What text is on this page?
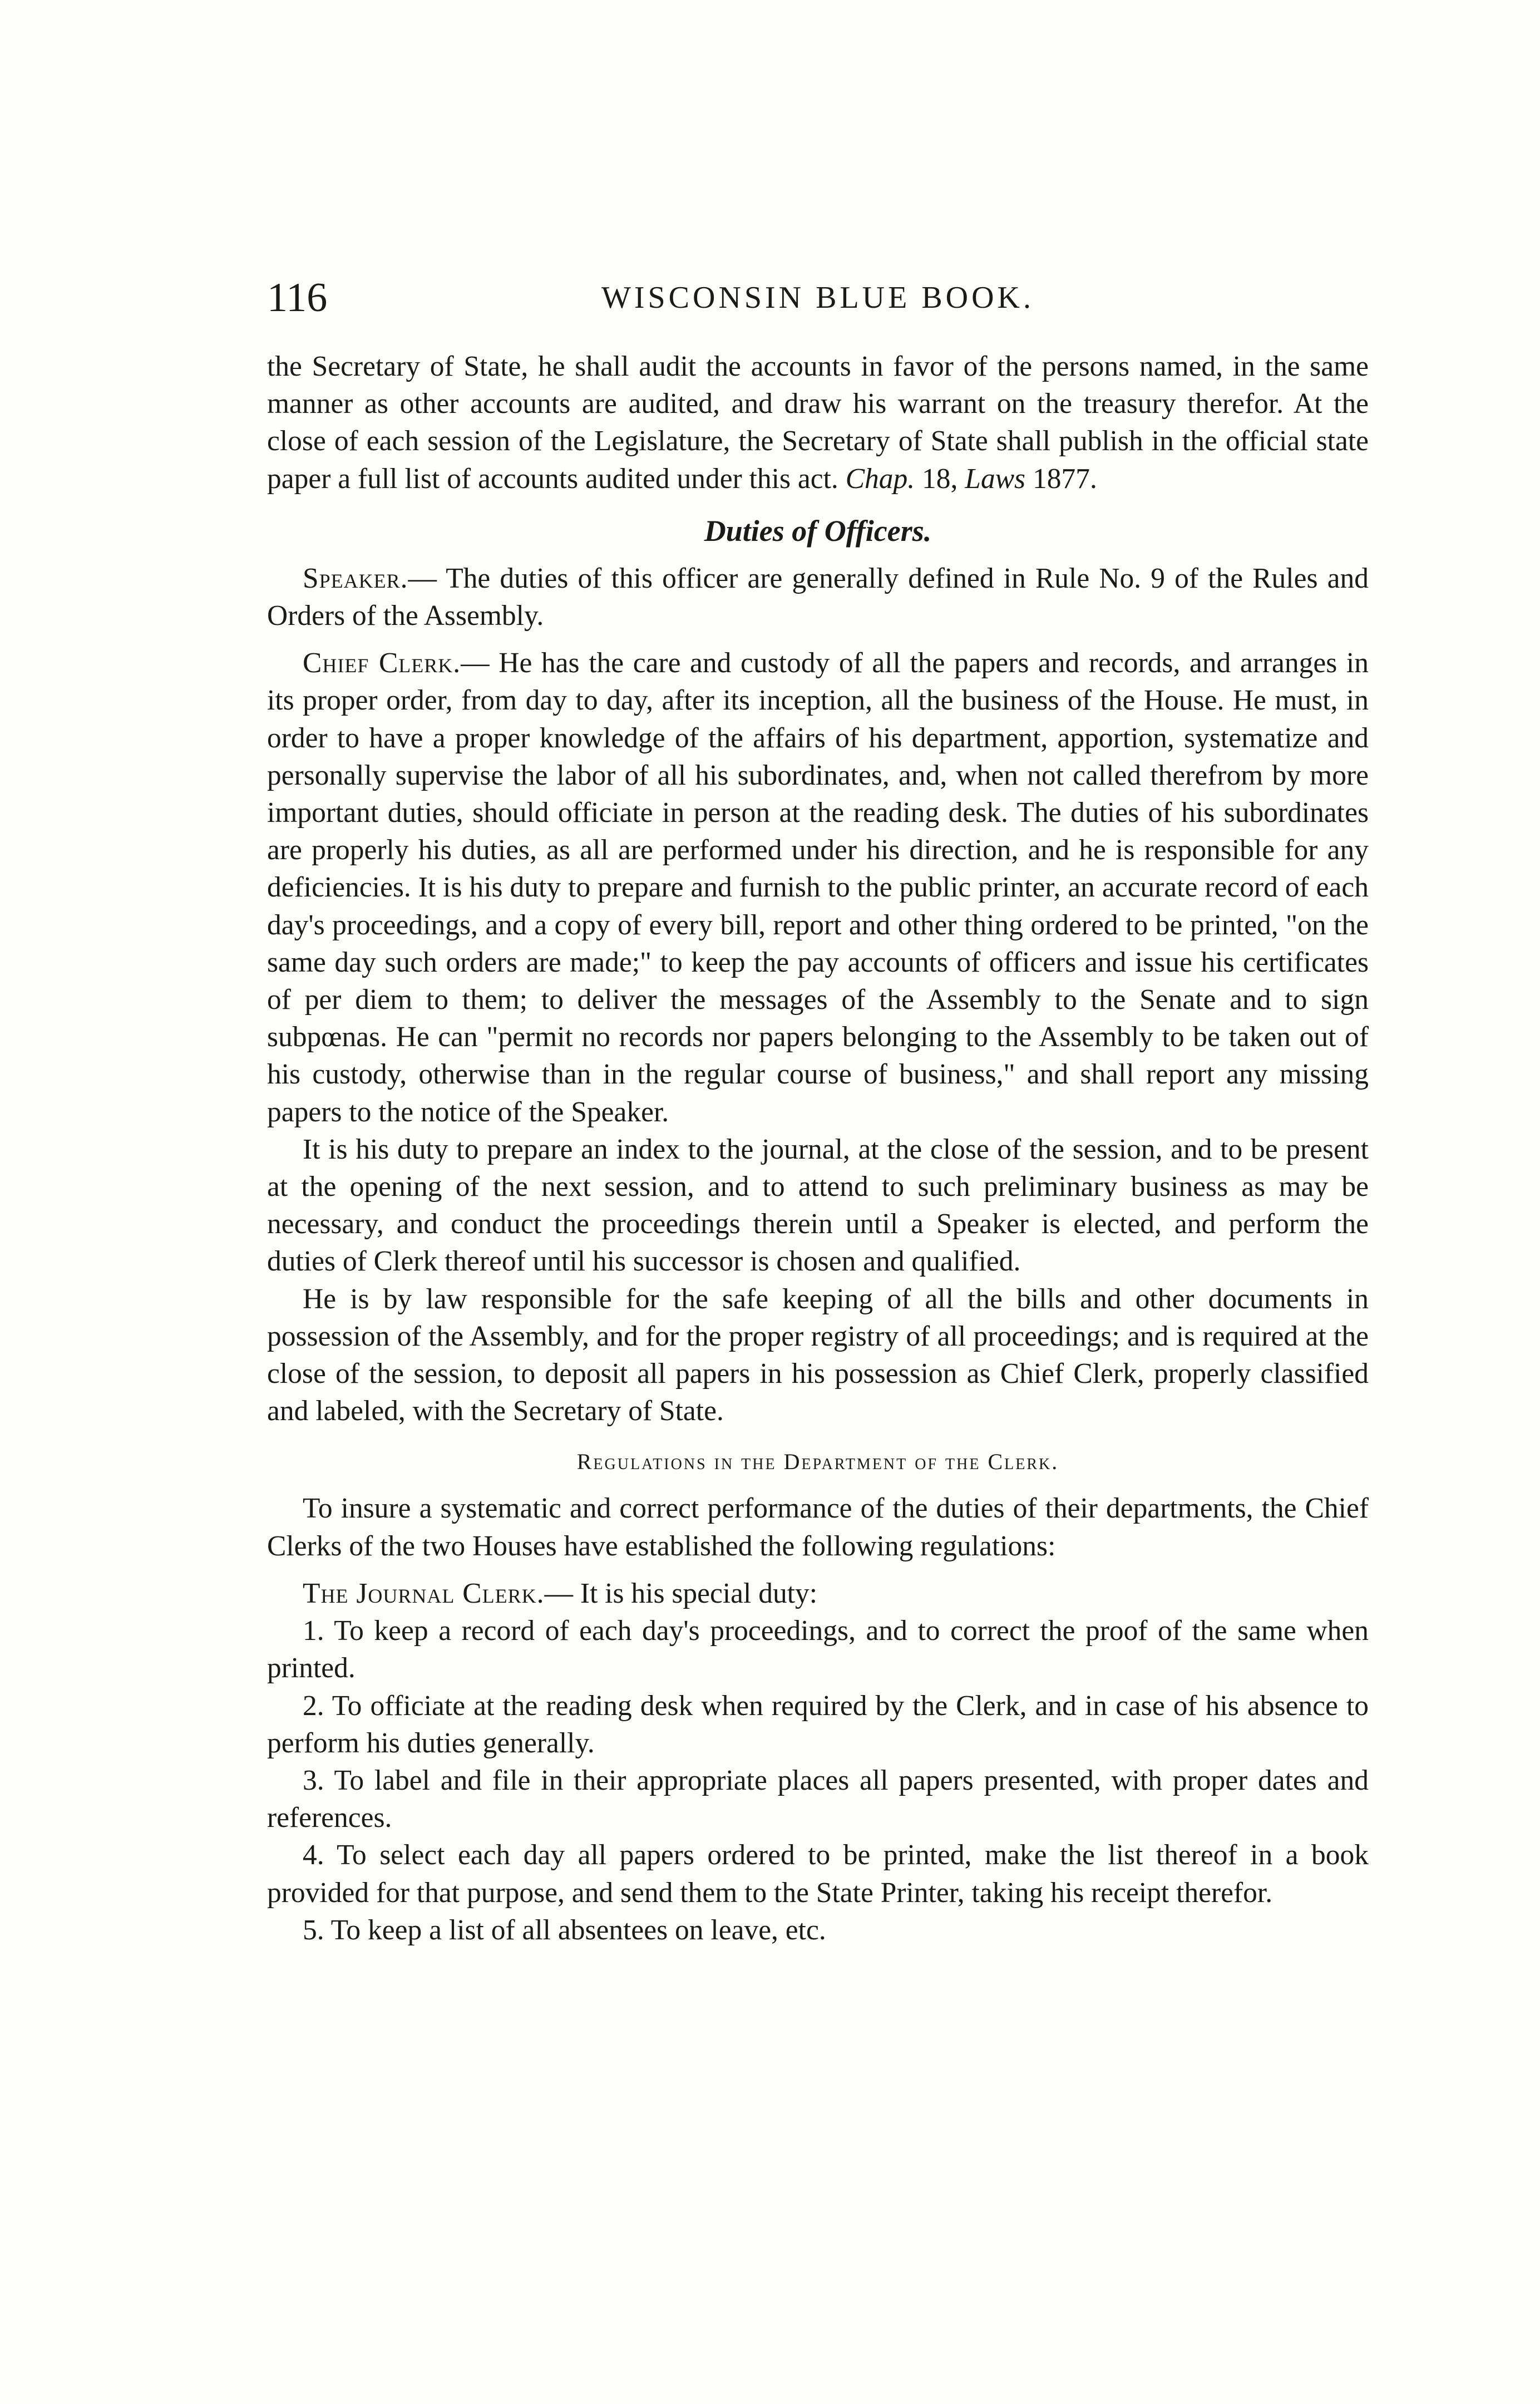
116	WISCONSIN BLUE BOOK.

the Secretary of State, he shall audit the accounts in favor of the persons named, in the same manner as other accounts are audited, and draw his warrant on the treasury therefor. At the close of each session of the Legislature, the Secretary of State shall publish in the official state paper a full list of accounts audited under this act. Chap. 18, Laws 1877.

Duties of Officers.

Speaker.— The duties of this officer are generally defined in Rule No. 9 of the Rules and Orders of the Assembly.

Chief Clerk.— He has the care and custody of all the papers and records, and arranges in its proper order, from day to day, after its inception, all the business of the House. He must, in order to have a proper knowledge of the affairs of his department, apportion, systematize and personally supervise the labor of all his subordinates, and, when not called therefrom by more important duties, should officiate in person at the reading desk. The duties of his subordinates are properly his duties, as all are performed under his direction, and he is responsible for any deficiencies. It is his duty to prepare and furnish to the public printer, an accurate record of each day's proceedings, and a copy of every bill, report and other thing ordered to be printed, "on the same day such orders are made;" to keep the pay accounts of officers and issue his certificates of per diem to them; to deliver the messages of the Assembly to the Senate and to sign subpœnas. He can "permit no records nor papers belonging to the Assembly to be taken out of his custody, otherwise than in the regular course of business," and shall report any missing papers to the notice of the Speaker.

It is his duty to prepare an index to the journal, at the close of the session, and to be present at the opening of the next session, and to attend to such preliminary business as may be necessary, and conduct the proceedings therein until a Speaker is elected, and perform the duties of Clerk thereof until his successor is chosen and qualified.

He is by law responsible for the safe keeping of all the bills and other documents in possession of the Assembly, and for the proper registry of all proceedings; and is required at the close of the session, to deposit all papers in his possession as Chief Clerk, properly classified and labeled, with the Secretary of State.

Regulations in the Department of the Clerk.

To insure a systematic and correct performance of the duties of their departments, the Chief Clerks of the two Houses have established the following regulations:

The Journal Clerk.— It is his special duty:

1. To keep a record of each day's proceedings, and to correct the proof of the same when printed.

2. To officiate at the reading desk when required by the Clerk, and in case of his absence to perform his duties generally.

3. To label and file in their appropriate places all papers presented, with proper dates and references.

4. To select each day all papers ordered to be printed, make the list thereof in a book provided for that purpose, and send them to the State Printer, taking his receipt therefor.

5. To keep a list of all absentees on leave, etc.
